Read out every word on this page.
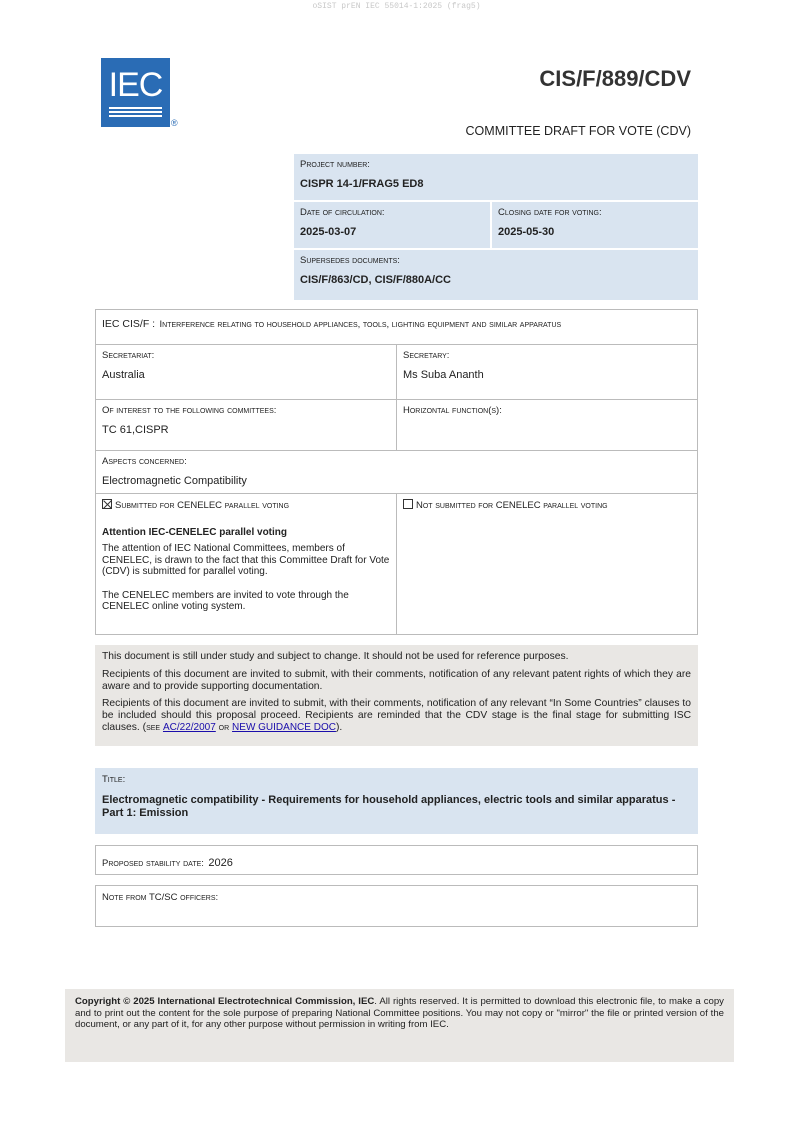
oSIST prEN IEC 55014-1:2025 (frag5)
IEC
®
CIS/F/889/CDV
COMMITTEE DRAFT FOR VOTE (CDV)
Project number:
CISPR 14-1/FRAG5 ED8
Date of circulation:
2025-03-07
Closing date for voting:
2025-05-30
Supersedes documents:
CIS/F/863/CD, CIS/F/880A/CC
IEC CIS/F : Interference relating to household appliances, tools, lighting equipment and similar apparatus
Secretariat:
Australia
Secretary:
Ms Suba Ananth
Of interest to the following committees:
TC 61,CISPR
Horizontal function(s):
Aspects concerned:
Electromagnetic Compatibility
Submitted for CENELEC parallel voting
Attention IEC-CENELEC parallel voting
The attention of IEC National Committees, members of CENELEC, is drawn to the fact that this Committee Draft for Vote (CDV) is submitted for parallel voting.
The CENELEC members are invited to vote through the CENELEC online voting system.
Not submitted for CENELEC parallel voting

This document is still under study and subject to change. It should not be used for reference purposes.

Recipients of this document are invited to submit, with their comments, notification of any relevant patent rights of which they are aware and to provide supporting documentation.

Recipients of this document are invited to submit, with their comments, notification of any relevant “In Some Countries” clauses to be included should this proposal proceed. Recipients are reminded that the CDV stage is the final stage for submitting ISC clauses. (see AC/22/2007 or NEW GUIDANCE DOC).

Title:
Electromagnetic compatibility - Requirements for household appliances, electric tools and similar apparatus - Part 1: Emission
Proposed stability date: 2026
Note from TC/SC officers:

Copyright © 2025 International Electrotechnical Commission, IEC. All rights reserved. It is permitted to download this electronic file, to make a copy and to print out the content for the sole purpose of preparing National Committee positions. You may not copy or "mirror" the file or printed version of the document, or any part of it, for any other purpose without permission in writing from IEC.
